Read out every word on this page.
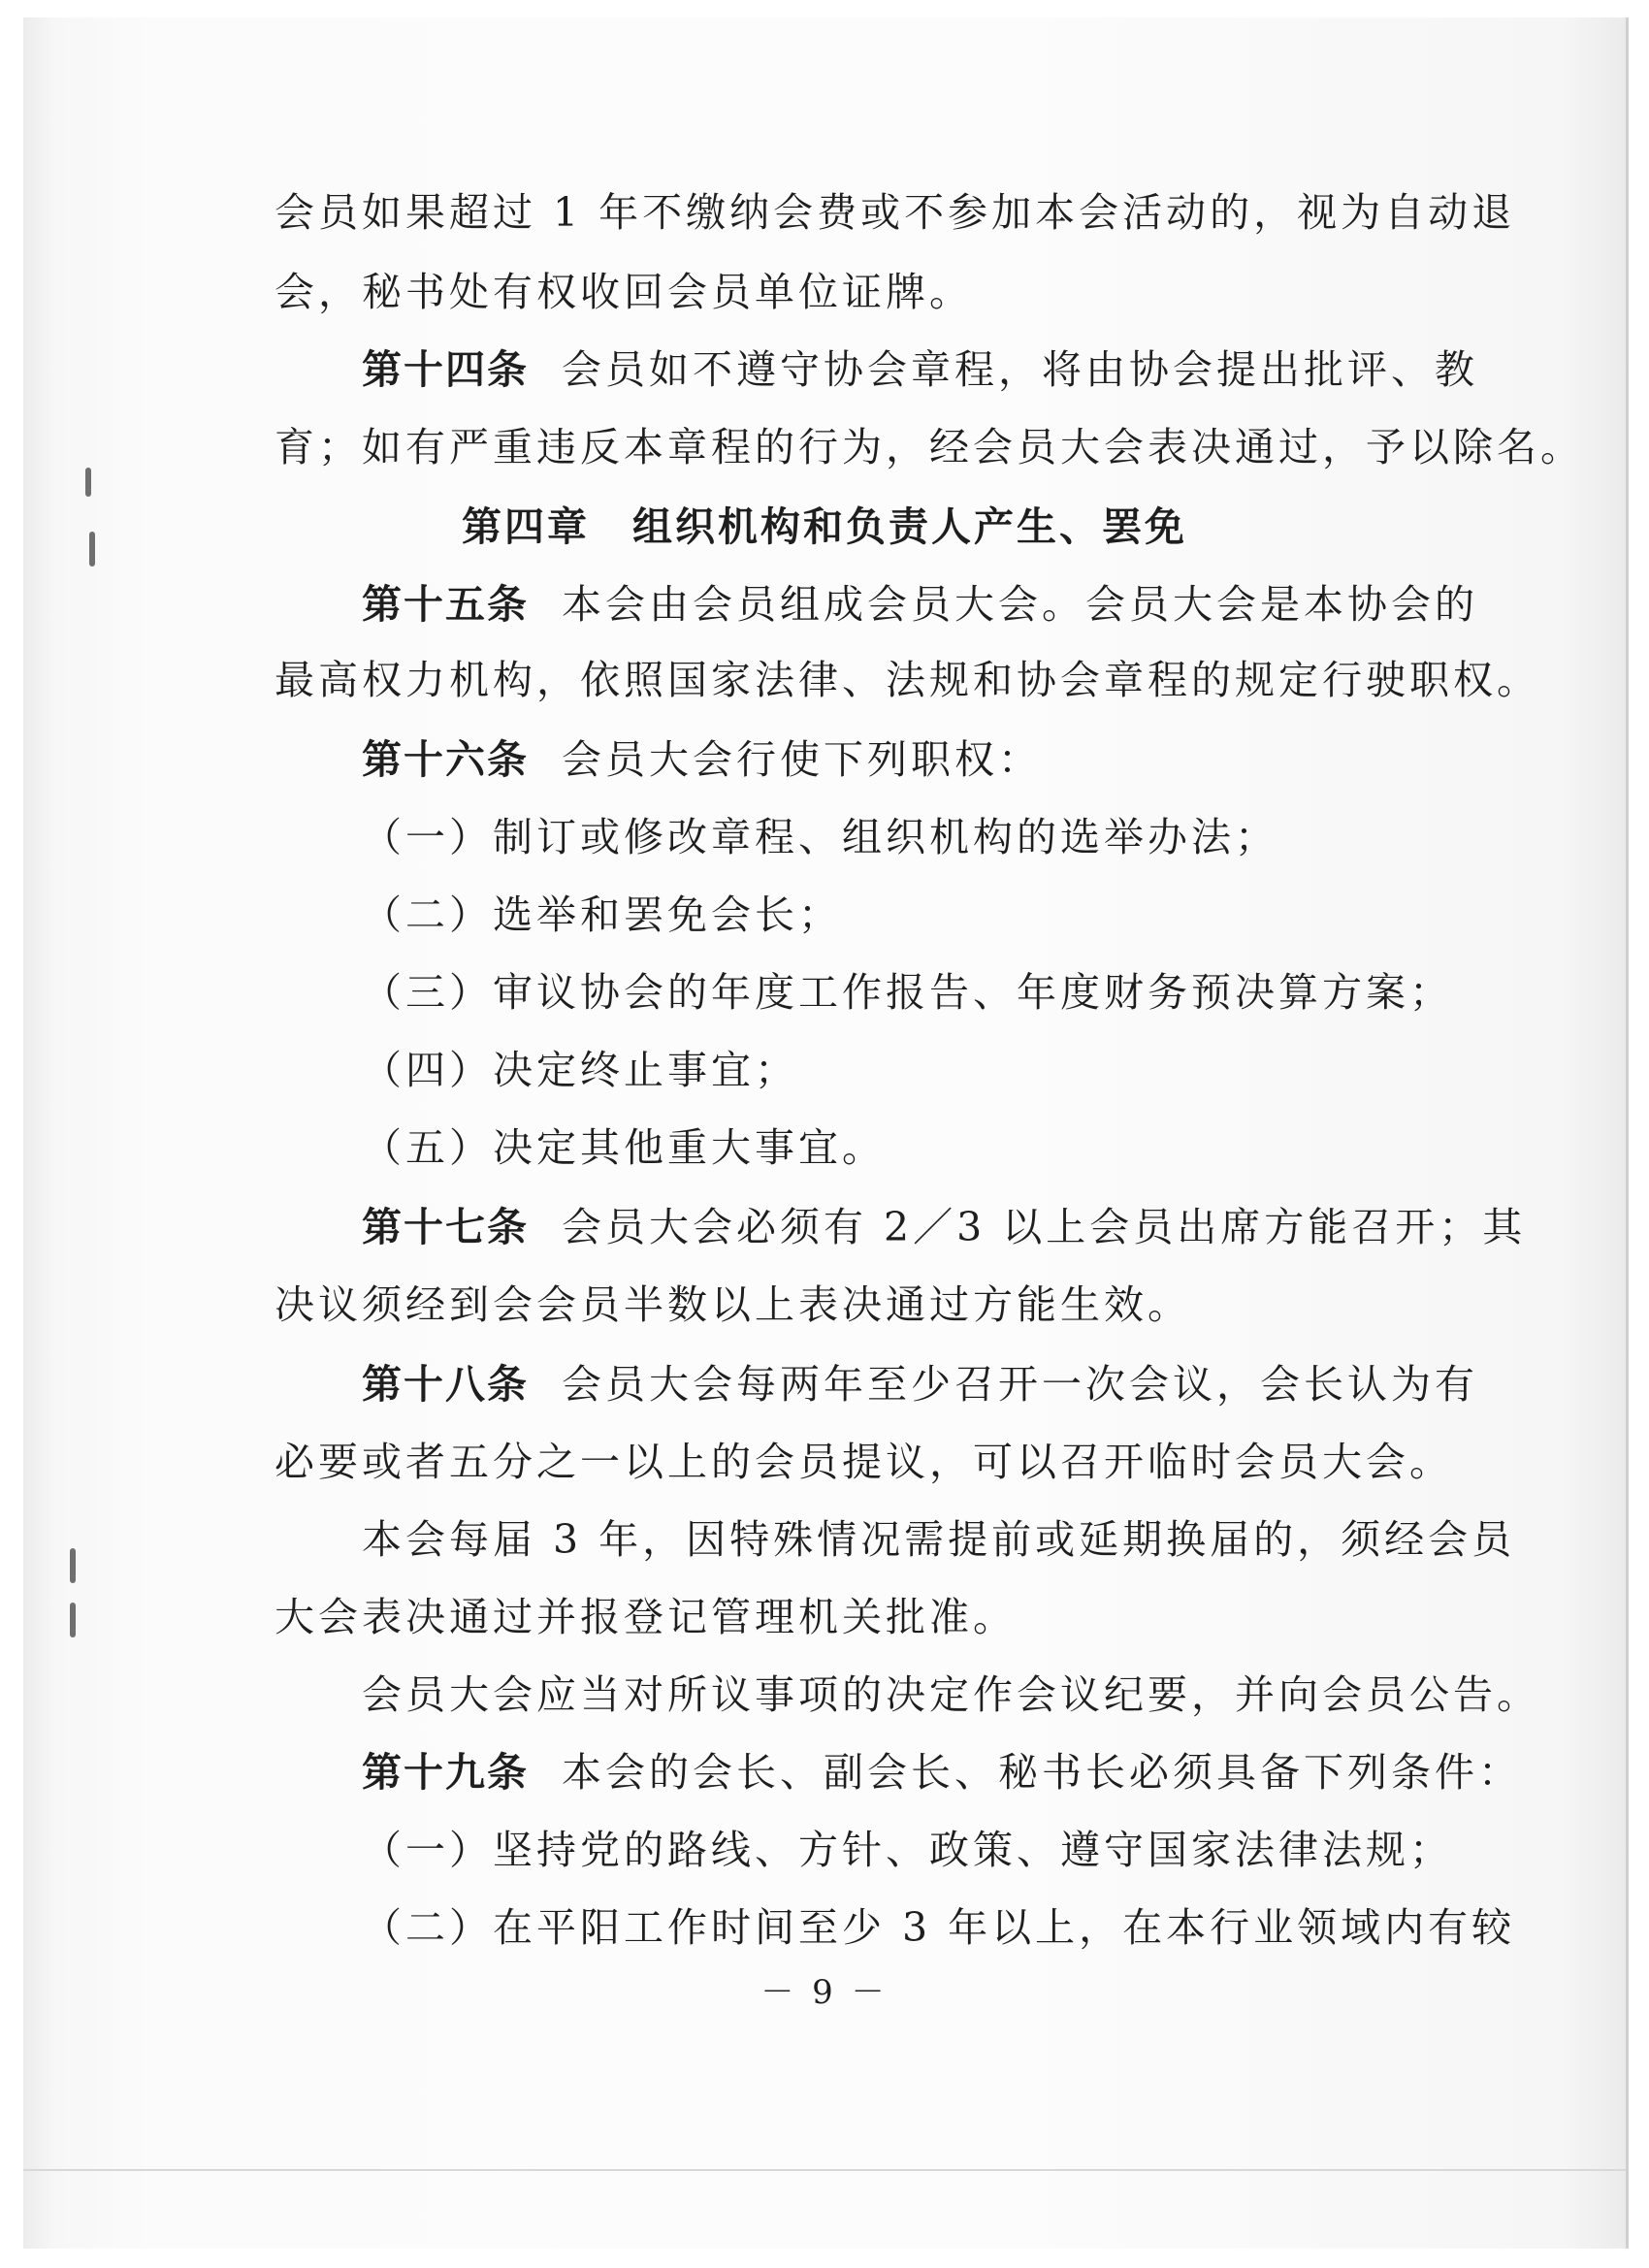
会员如果超过 1 年不缴纳会费或不参加本会活动的，视为自动退
会，秘书处有权收回会员单位证牌。
第十四条 会员如不遵守协会章程，将由协会提出批评、教
育；如有严重违反本章程的行为，经会员大会表决通过，予以除名。
第四章　组织机构和负责人产生、罢免
第十五条 本会由会员组成会员大会。会员大会是本协会的
最高权力机构，依照国家法律、法规和协会章程的规定行驶职权。
第十六条 会员大会行使下列职权：
（一）制订或修改章程、组织机构的选举办法；
（二）选举和罢免会长；
（三）审议协会的年度工作报告、年度财务预决算方案；
（四）决定终止事宜；
（五）决定其他重大事宜。
第十七条 会员大会必须有 2／3 以上会员出席方能召开；其
决议须经到会会员半数以上表决通过方能生效。
第十八条 会员大会每两年至少召开一次会议，会长认为有
必要或者五分之一以上的会员提议，可以召开临时会员大会。
本会每届 3 年，因特殊情况需提前或延期换届的，须经会员
大会表决通过并报登记管理机关批准。
会员大会应当对所议事项的决定作会议纪要，并向会员公告。
第十九条 本会的会长、副会长、秘书长必须具备下列条件：
（一）坚持党的路线、方针、政策、遵守国家法律法规；
（二）在平阳工作时间至少 3 年以上，在本行业领域内有较
－ 9 －
